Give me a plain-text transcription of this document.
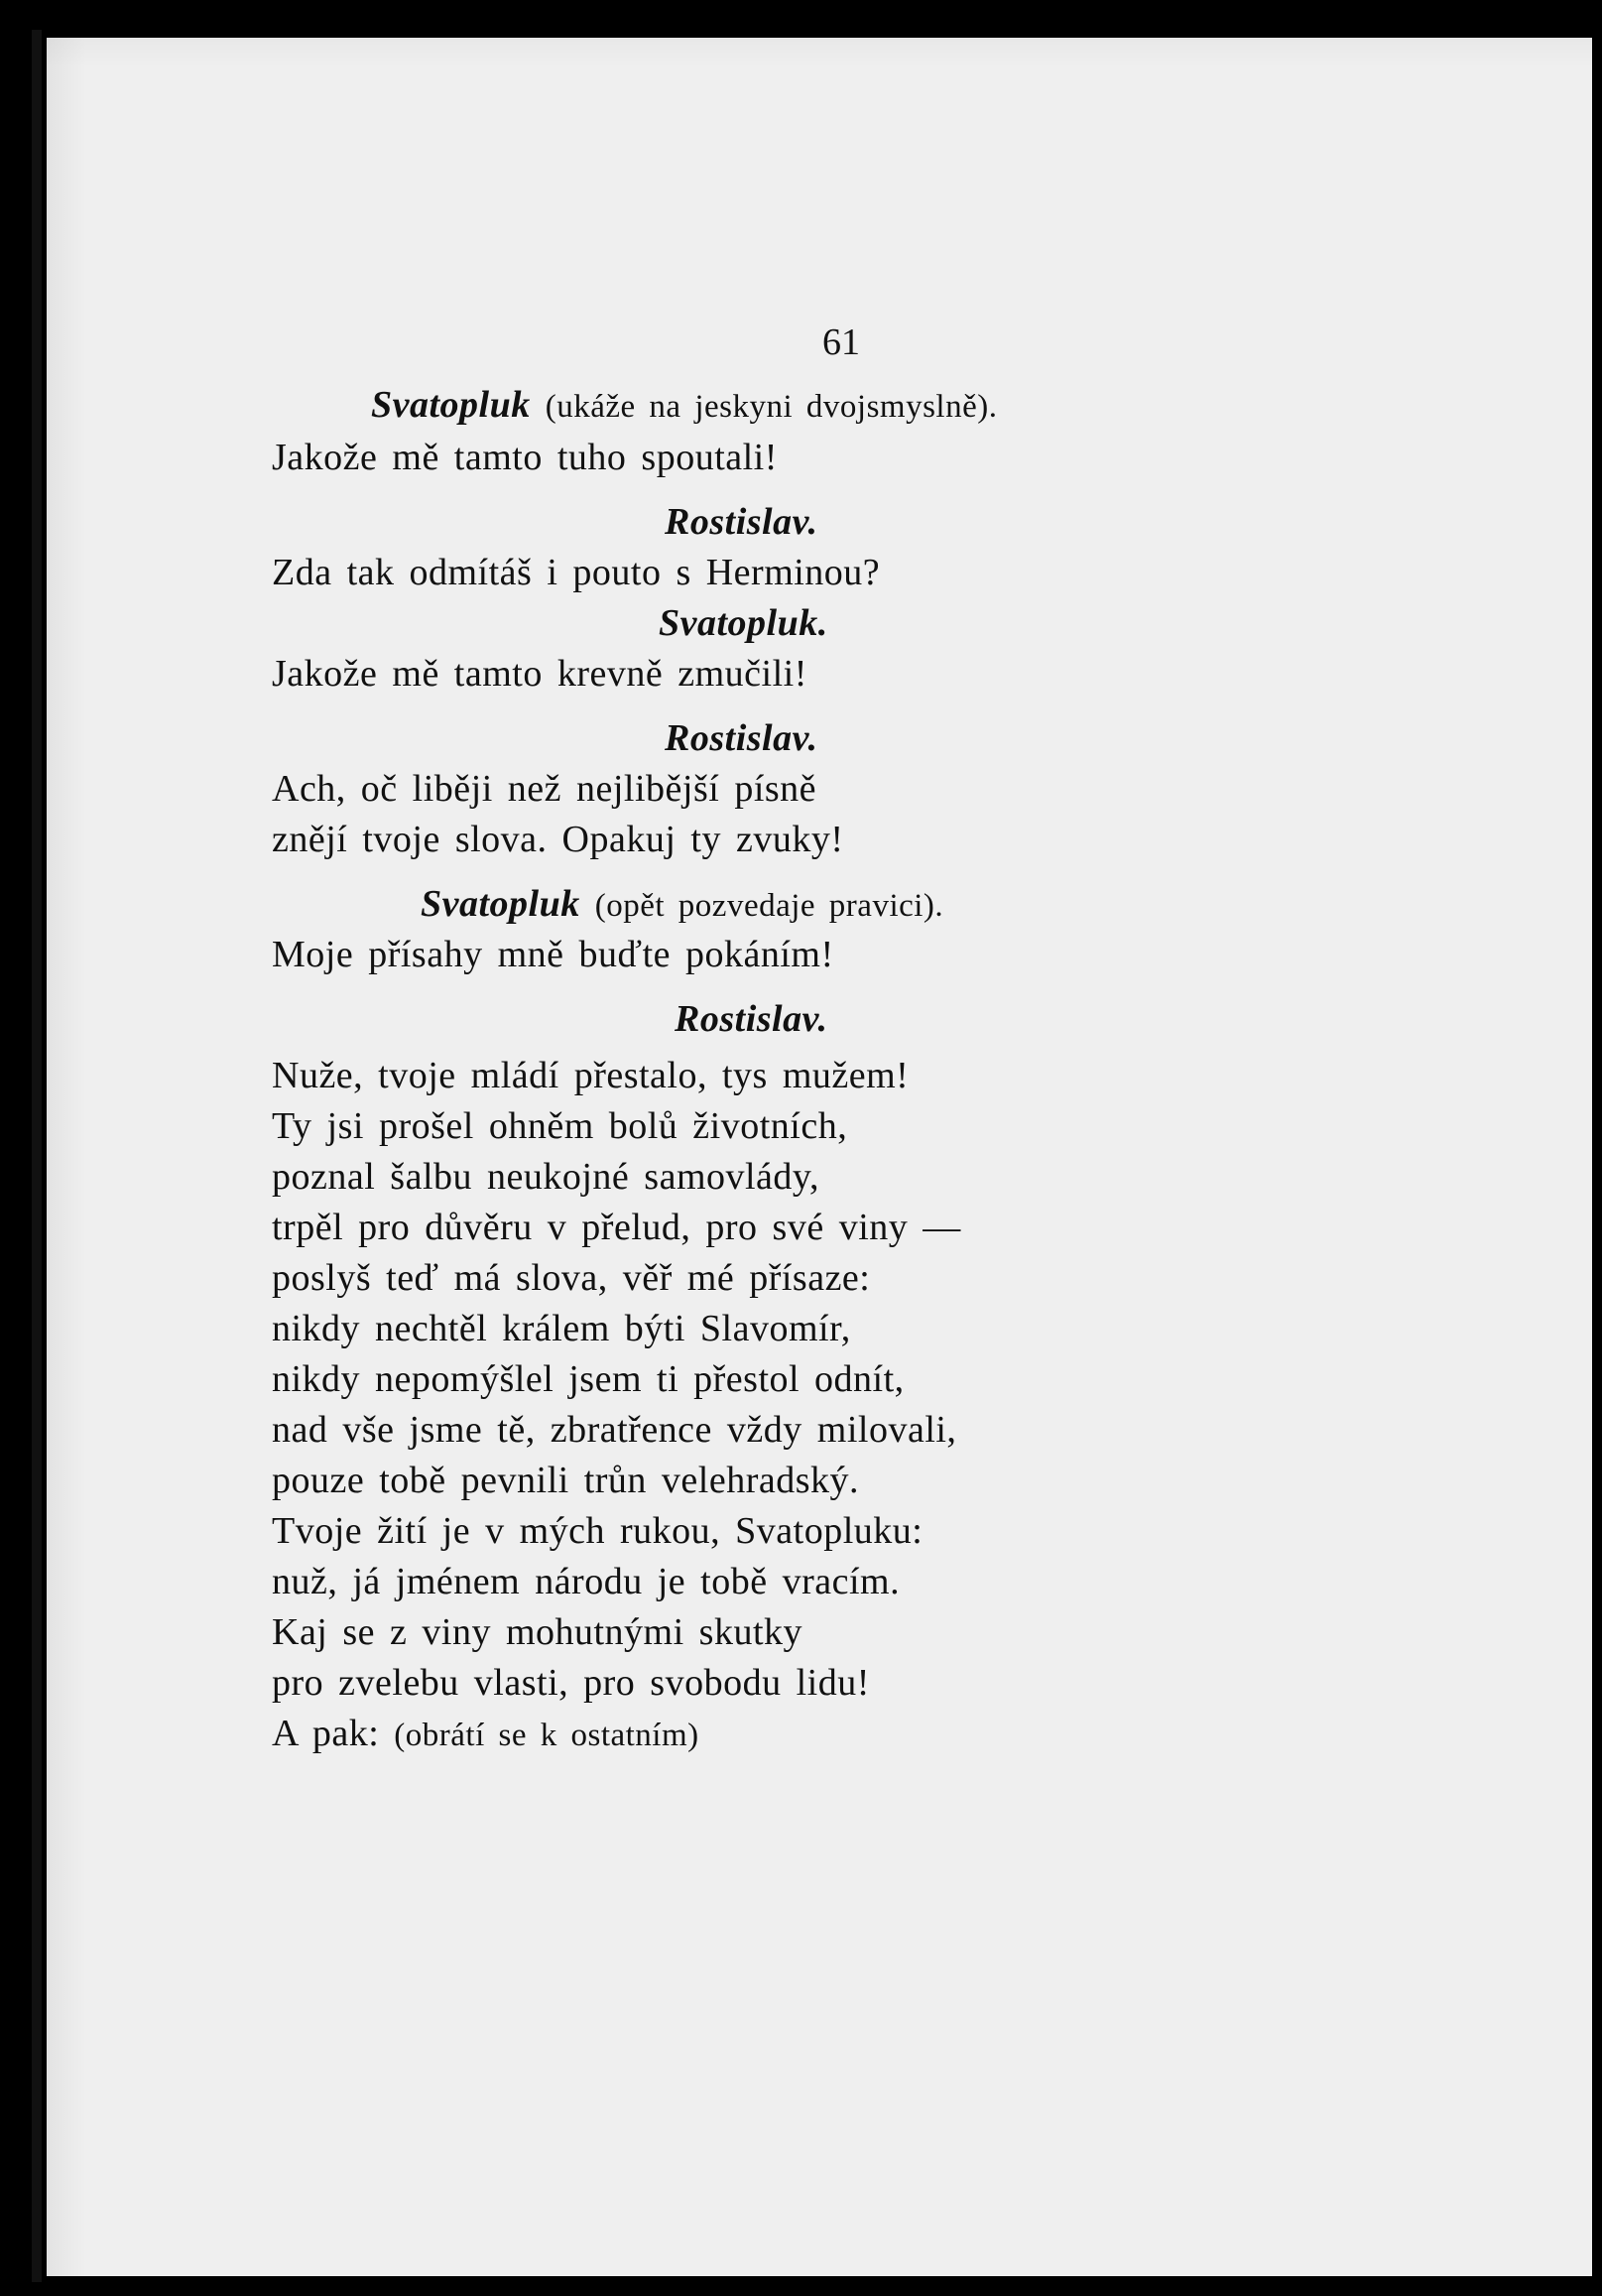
61
Svatopluk (ukáže na jeskyni dvojsmyslně).
Jakože mě tamto tuho spoutali!
Rostislav.
Zda tak odmítáš i pouto s Herminou?
Svatopluk.
Jakože mě tamto krevně zmučili!
Rostislav.
Ach, oč liběji než nejlibější písně
znějí tvoje slova. Opakuj ty zvuky!
Svatopluk (opět pozvedaje pravici).
Moje přísahy mně buďte pokáním!
Rostislav.
Nuže, tvoje mládí přestalo, tys mužem!
Ty jsi prošel ohněm bolů životních,
poznal šalbu neukojné samovlády,
trpěl pro důvěru v přelud, pro své viny —
poslyš teď má slova, věř mé přísaze:
nikdy nechtěl králem býti Slavomír,
nikdy nepomýšlel jsem ti přestol odnít,
nad vše jsme tě, zbratřence vždy milovali,
pouze tobě pevnili trůn velehradský.
Tvoje žití je v mých rukou, Svatopluku:
nuž, já jménem národu je tobě vracím.
Kaj se z viny mohutnými skutky
pro zvelebu vlasti, pro svobodu lidu!
A pak: (obrátí se k ostatním)
